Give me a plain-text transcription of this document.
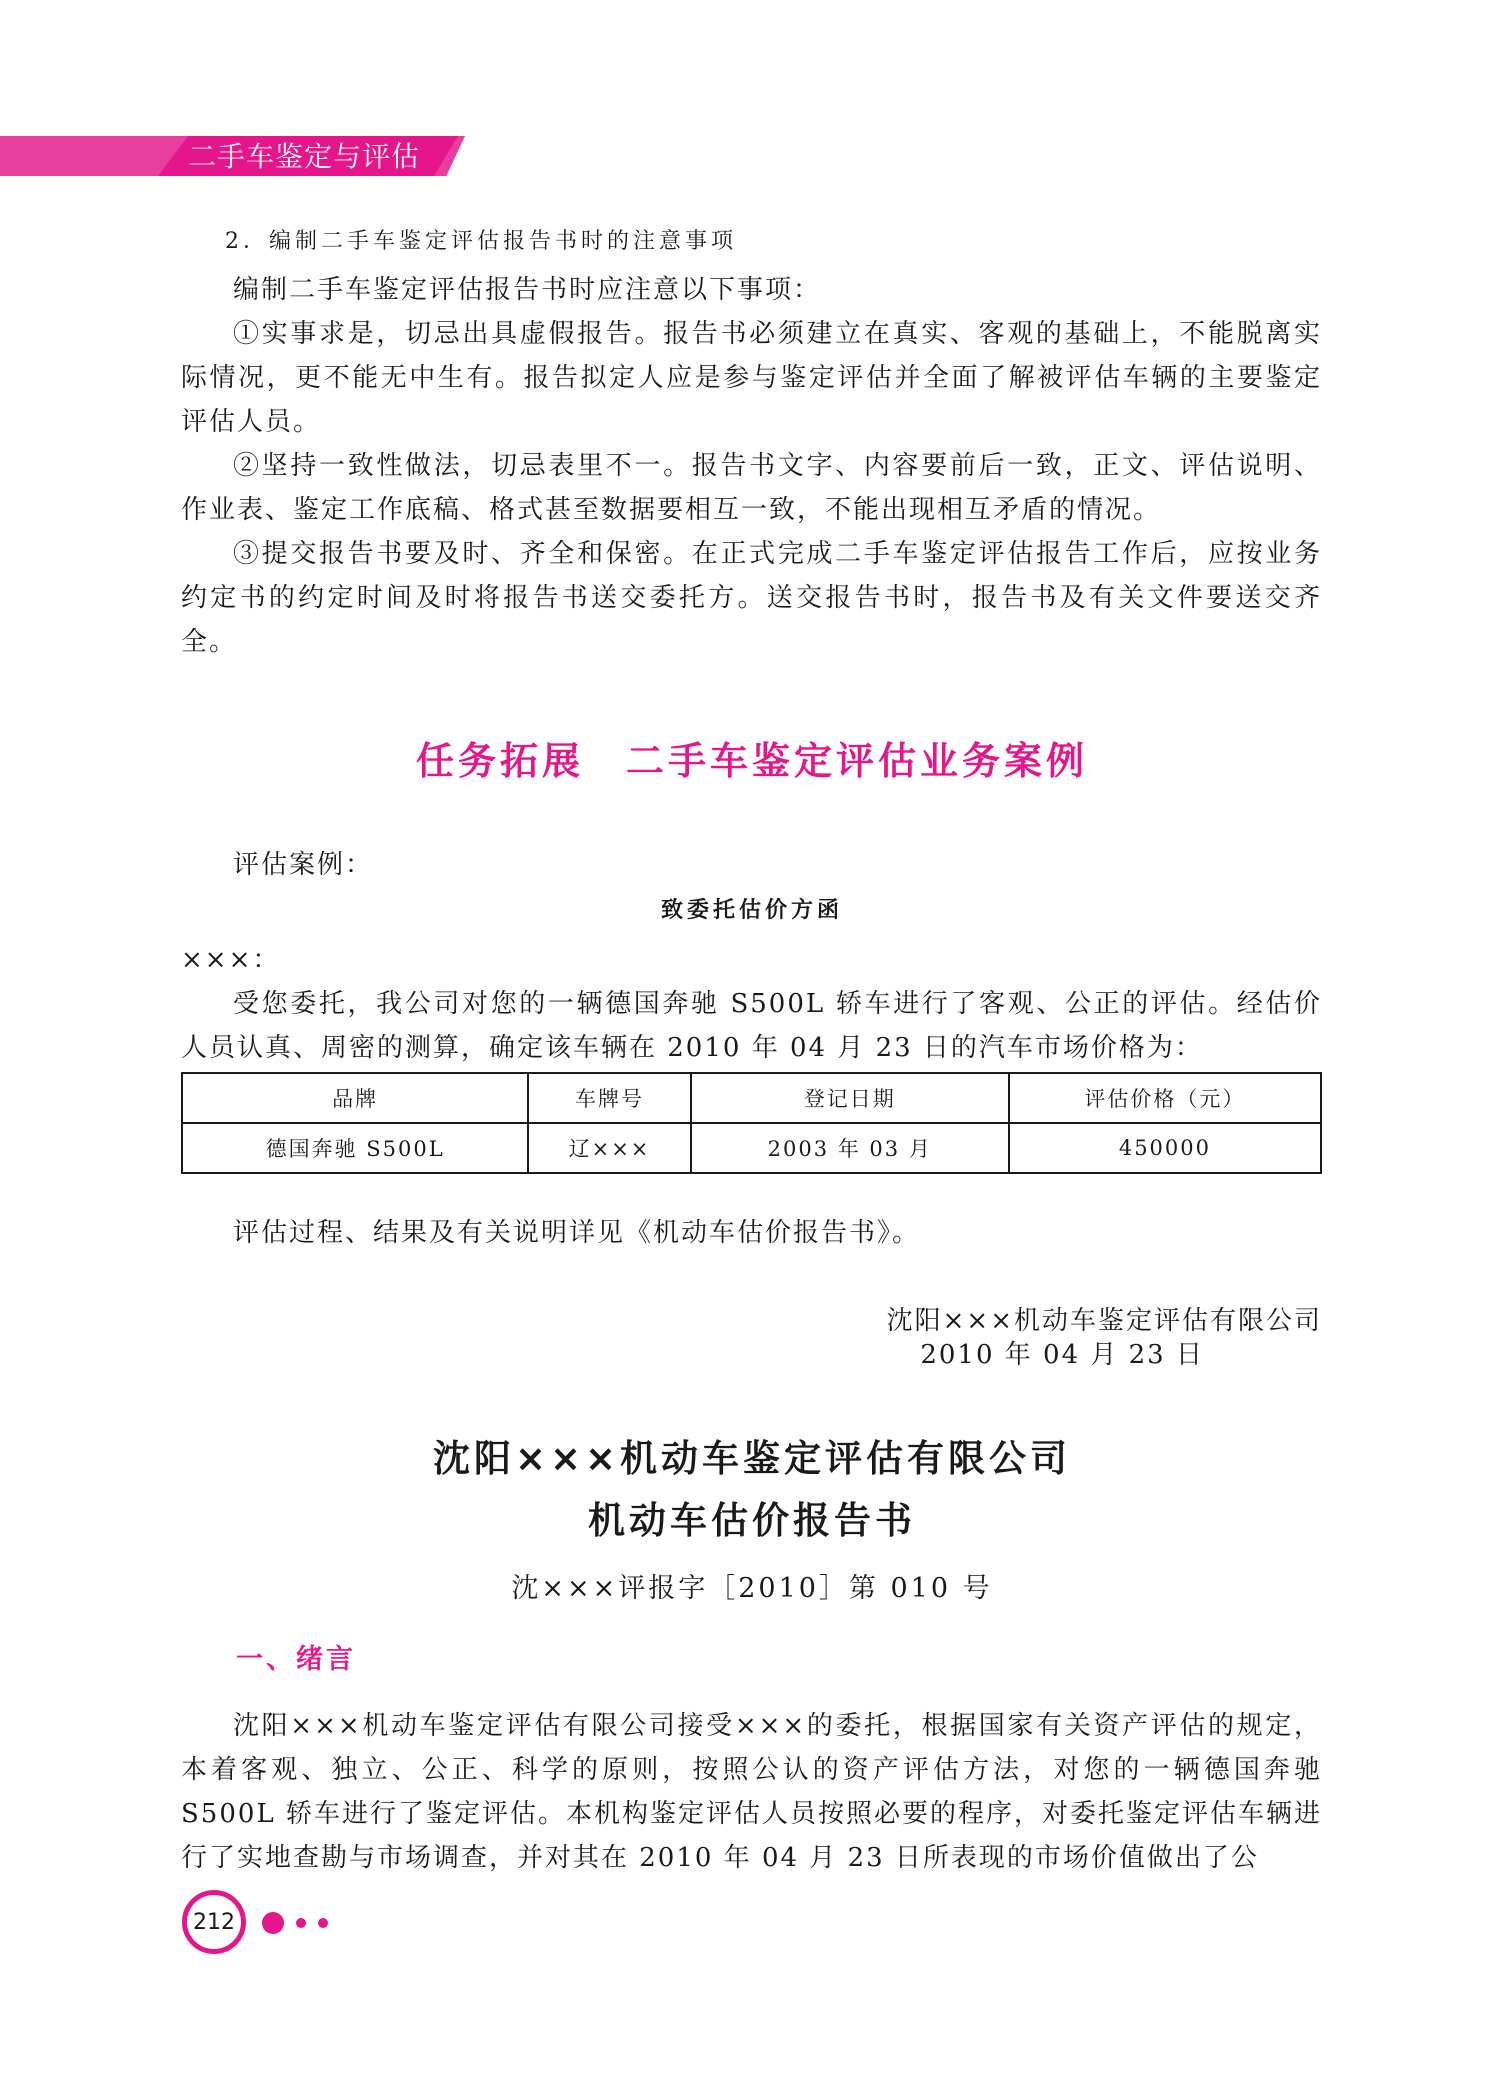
二手车鉴定与评估

2．编制二手车鉴定评估报告书时的注意事项

编制二手车鉴定评估报告书时应注意以下事项：

①实事求是，切忌出具虚假报告。报告书必须建立在真实、客观的基础上，不能脱离实际情况，更不能无中生有。报告拟定人应是参与鉴定评估并全面了解被评估车辆的主要鉴定评估人员。

②坚持一致性做法，切忌表里不一。报告书文字、内容要前后一致，正文、评估说明、作业表、鉴定工作底稿、格式甚至数据要相互一致，不能出现相互矛盾的情况。

③提交报告书要及时、齐全和保密。在正式完成二手车鉴定评估报告工作后，应按业务约定书的约定时间及时将报告书送交委托方。送交报告书时，报告书及有关文件要送交齐全。

任务拓展　二手车鉴定评估业务案例

评估案例：

致委托估价方函

×××：

受您委托，我公司对您的一辆德国奔驰 S500L 轿车进行了客观、公正的评估。经估价人员认真、周密的测算，确定该车辆在 2010 年 04 月 23 日的汽车市场价格为：

品牌	车牌号	登记日期	评估价格（元）
德国奔驰 S500L	辽×××	2003 年 03 月	450000

评估过程、结果及有关说明详见《机动车估价报告书》。

沈阳×××机动车鉴定评估有限公司
2010 年 04 月 23 日
沈阳×××机动车鉴定评估有限公司
机动车估价报告书
沈×××评报字［2010］第 010 号
一、绪言

沈阳×××机动车鉴定评估有限公司接受×××的委托，根据国家有关资产评估的规定，本着客观、独立、公正、科学的原则，按照公认的资产评估方法，对您的一辆德国奔驰 S500L 轿车进行了鉴定评估。本机构鉴定评估人员按照必要的程序，对委托鉴定评估车辆进行了实地查勘与市场调查，并对其在 2010 年 04 月 23 日所表现的市场价值做出了公

212
